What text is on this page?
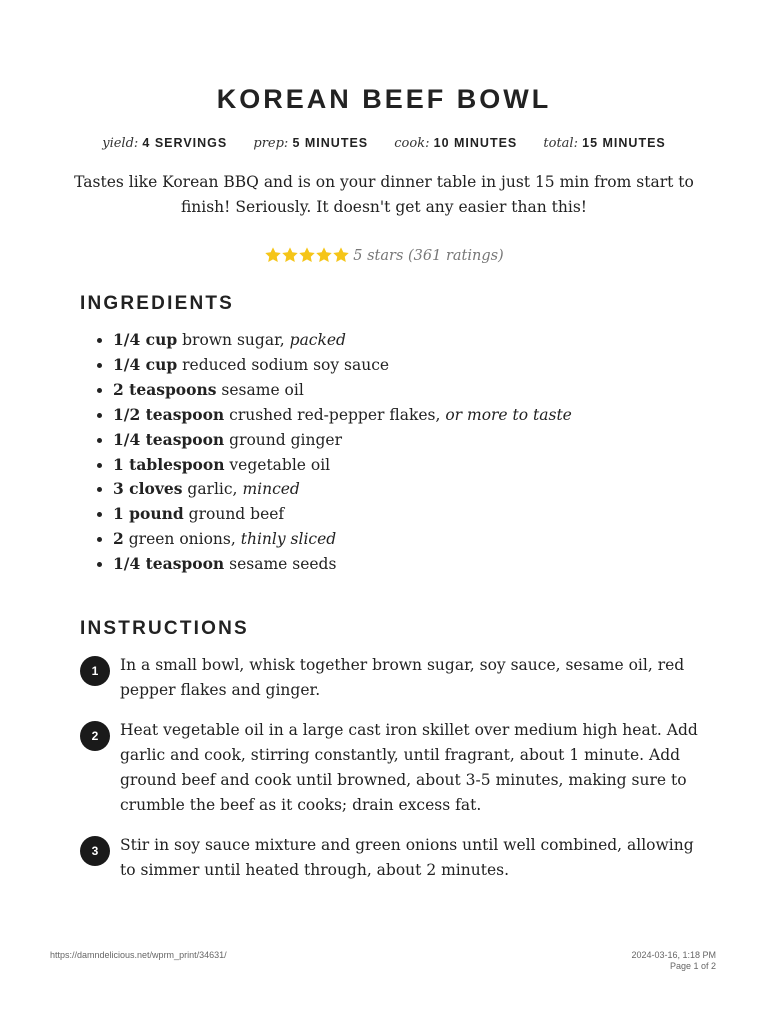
KOREAN BEEF BOWL
yield: 4 SERVINGS prep: 5 MINUTES cook: 10 MINUTES total: 15 MINUTES
Tastes like Korean BBQ and is on your dinner table in just 15 min from start to finish! Seriously. It doesn't get any easier than this!
5 stars (361 ratings)
INGREDIENTS
• 1/4 cup brown sugar, packed
• 1/4 cup reduced sodium soy sauce
• 2 teaspoons sesame oil
• 1/2 teaspoon crushed red-pepper flakes, or more to taste
• 1/4 teaspoon ground ginger
• 1 tablespoon vegetable oil
• 3 cloves garlic, minced
• 1 pound ground beef
• 2 green onions, thinly sliced
• 1/4 teaspoon sesame seeds
INSTRUCTIONS
1	In a small bowl, whisk together brown sugar, soy sauce, sesame oil, red pepper flakes and ginger.
2	Heat vegetable oil in a large cast iron skillet over medium high heat. Add garlic and cook, stirring constantly, until fragrant, about 1 minute. Add ground beef and cook until browned, about 3-5 minutes, making sure to crumble the beef as it cooks; drain excess fat.
3	Stir in soy sauce mixture and green onions until well combined, allowing to simmer until heated through, about 2 minutes.
https://damndelicious.net/wprm_print/34631/	2024-03-16, 1:18 PM
Page 1 of 2
